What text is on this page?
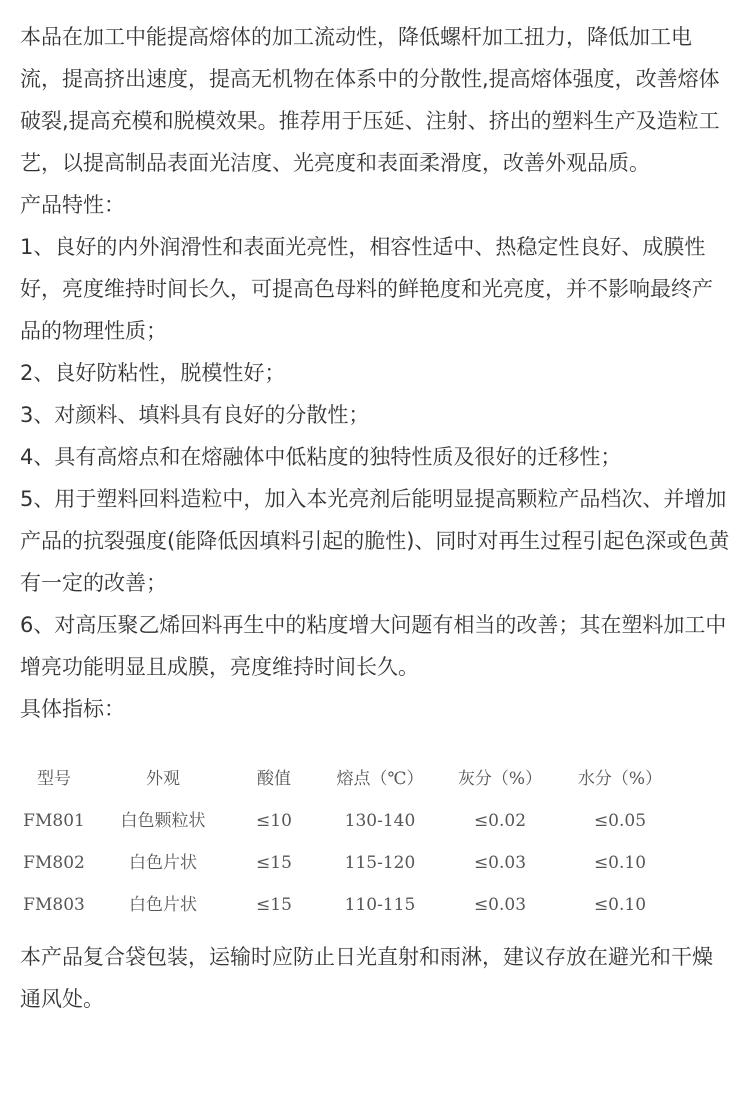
本品在加工中能提高熔体的加工流动性，降低螺杆加工扭力，降低加工电流，提高挤出速度，提高无机物在体系中的分散性,提高熔体强度，改善熔体破裂,提高充模和脱模效果。推荐用于压延、注射、挤出的塑料生产及造粒工艺，以提高制品表面光洁度、光亮度和表面柔滑度，改善外观品质。

产品特性：

1、良好的内外润滑性和表面光亮性，相容性适中、热稳定性良好、成膜性好，亮度维持时间长久，可提高色母料的鲜艳度和光亮度，并不影响最终产品的物理性质；

2、良好防粘性，脱模性好；

3、对颜料、填料具有良好的分散性；

4、具有高熔点和在熔融体中低粘度的独特性质及很好的迁移性；

5、用于塑料回料造粒中，加入本光亮剂后能明显提高颗粒产品档次、并增加产品的抗裂强度(能降低因填料引起的脆性)、同时对再生过程引起色深或色黄有一定的改善；

6、对高压聚乙烯回料再生中的粘度增大问题有相当的改善；其在塑料加工中增亮功能明显且成膜，亮度维持时间长久。

具体指标：

型号	外观	酸值	熔点（℃）	灰分（%）	水分（%）
FM801	白色颗粒状	≤10	130-140	≤0.02	≤0.05
FM802	白色片状	≤15	115-120	≤0.03	≤0.10
FM803	白色片状	≤15	110-115	≤0.03	≤0.10

本产品复合袋包装，运输时应防止日光直射和雨淋，建议存放在避光和干燥通风处。
